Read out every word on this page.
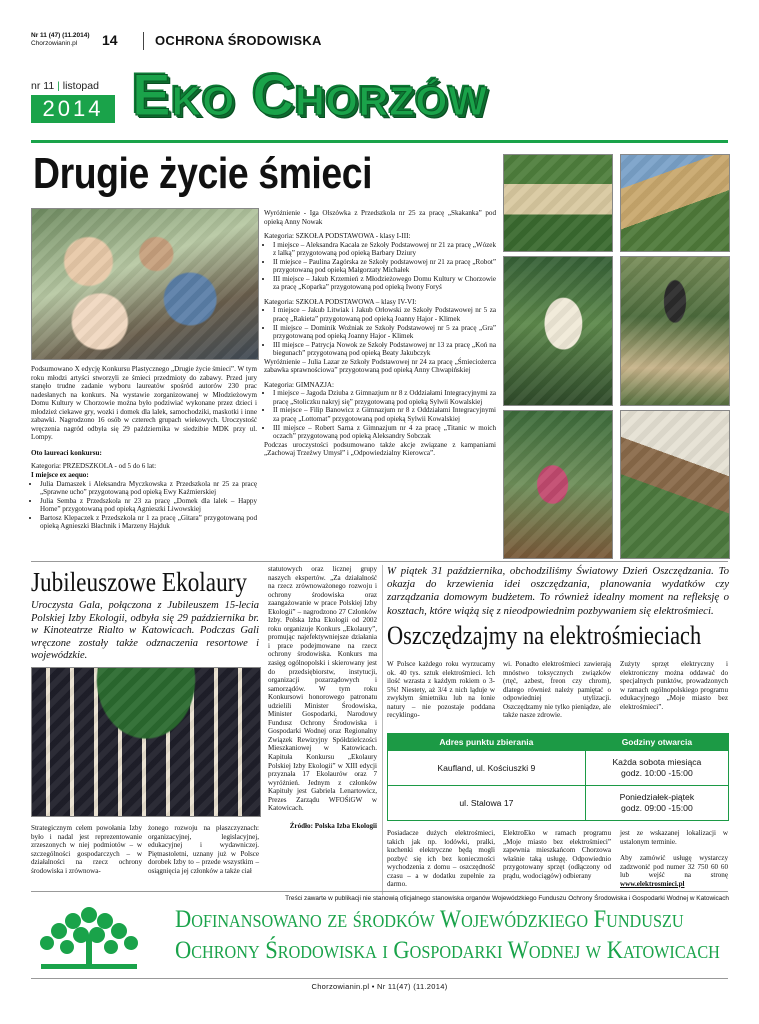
Nr 11 (47) (11.2014)
Chorzowianin.pl 14	OCHRONA ŚRODOWISKA
nr 11 | listopad
2014 Eko Chorzów
Drugie życie śmieci

Podsumowano X edycję Konkursu Plastycznego „Drugie życie śmieci”. W tym roku młodzi artyści stworzyli ze śmieci przedmioty do zabawy. Przed jury stanęło trudne zadanie wyboru laureatów spośród autorów 230 prac nadesłanych na konkurs. Na wystawie zorganizowanej w Młodzieżowym Domu Kultury w Chorzowie można było podziwiać wykonane przez dzieci i młodzież ciekawe gry, wozki i domek dla lalek, samochodziki, maskotki i inne zabawki. Nagrodzono 16 osób w czterech grupach wiekowych. Uroczystość wręczenia nagród odbyła się 29 października w siedzibie MDK przy ul. Lompy.

Oto laureaci konkursu:

Kategoria: PRZEDSZKOLA - od 5 do 6 lat:

I miejsce ex aequo:

• Julia Damaszek i Aleksandra Myczkowska z Przedszkola nr 25 za pracę „Sprawne ucho” przygotowaną pod opieką Ewy Kaźmierskiej
• Julia Semba z Przedszkola nr 23 za pracę „Domek dla lalek – Happy Home” przygotowaną pod opieką Agnieszki Liwowskiej
• Bartosz Klepaczek z Przedszkola nr 1 za pracę „Gitara” przygotowaną pod opieką Agnieszki Błachnik i Marzeny Hajduk

Wyróżnienie - Iga Olszówka z Przedszkola nr 25 za pracę „Skakanka” pod opieką Anny Nowak

Kategoria: SZKOŁA PODSTAWOWA - klasy I-III:

• I miejsce – Aleksandra Kacała ze Szkoły Podstawowej nr 21 za pracę „Wózek z lalką” przygotowaną pod opieką Barbary Dziury
• II miejsce – Paulina Zagórska ze Szkoły podstawowej nr 21 za pracę „Robot” przygotowaną pod opieką Małgorzaty Michałek
• III miejsce – Jakub Krzemień z Młodzieżowego Domu Kultury w Chorzowie za pracę „Koparka” przygotowaną pod opieką Iwony Foryś

Kategoria: SZKOŁA PODSTAWOWA – klasy IV-VI:

• I miejsce – Jakub Litwiak i Jakub Orłowski ze Szkoły Podstawowej nr 5 za pracę „Rakieta” przygotowaną pod opieką Joanny Hajor - Klimek
• II miejsce – Dominik Woźniak ze Szkoły Podstawowej nr 5 za pracę „Gra” przygotowaną pod opieką Joanny Hajor - Klimek
• III miejsce – Patrycja Nowok ze Szkoły Podstawowej nr 13 za pracę „Koń na biegunach” przygotowaną pod opieką Beaty Jakubczyk

Wyróżnienie – Julia Lazar ze Szkoły Podstawowej nr 24 za pracę „Śmieciożerca zabawka sprawnościowa” przygotowaną pod opieką Anny Chwapińskiej

Kategoria: GIMNAZJA:

• I miejsce – Jagoda Dziuba z Gimnazjum nr 8 z Oddziałami Integracyjnymi za pracę „Stoliczku nakryj się” przygotowaną pod opieką Sylwii Kowalskiej
• II miejsce – Filip Banowicz z Gimnazjum nr 8 z Oddziałami Integracyjnymi za pracę „Lottomat” przygotowaną pod opieką Sylwii Kowalskiej
• III miejsce – Robert Sarna z Gimnazjum nr 4 za pracę „Titanic w moich oczach” przygotowaną pod opieką Aleksandry Sobczak

Podczas uroczystości podsumowano także akcje związane z kampaniami „Zachowaj Trzeźwy Umysł” i „Odpowiedzialny Kierowca”.

Jubileuszowe Ekolaury
Uroczysta Gala, połączona z Jubileuszem 15-lecia Polskiej Izby Ekologii, odbyła się 29 października br. w Kinoteatrze Rialto w Katowicach. Podczas Gali wręczone zostały także odznaczenia resortowe i wojewódzkie.
Strategicznym celem powołania Izby było i nadal jest reprezentowanie zrzeszonych w niej podmiotów – w szczególności gospodarczych – w działalności na rzecz ochrony środowiska i zrównowa-
żonego rozwoju na płaszczyznach: organizacyjnej, legislacyjnej, edukacyjnej i wydawniczej. Piętnastoletni, uznany już w Polsce dorobek Izby to – przede wszystkim – osiągnięcia jej członków a także ciał

statutowych oraz licznej grupy naszych ekspertów. „Za działalność na rzecz zrównoważonego rozwoju i ochrony środowiska oraz zaangażowanie w prace Polskiej Izby Ekologii” – nagrodzono 27 Członków Izby. Polska Izba Ekologii od 2002 roku organizuje Konkurs „Ekolaury”, promując najefektywniejsze działania i prace podejmowane na rzecz ochrony środowiska. Konkurs ma zasięg ogólnopolski i skierowany jest do przedsiębiorstw, instytucji, organizacji pozarządowych i samorządów. W tym roku Konkursowi honorowego patronatu udzielili Minister Środowiska, Minister Gospodarki, Narodowy Fundusz Ochrony Środowiska i Gospodarki Wodnej oraz Regionalny Związek Rewizyjny Spółdzielczości Mieszkaniowej w Katowicach. Kapituła Konkursu „Ekolaury Polskiej Izby Ekologii” w XIII edycji przyznała 17 Ekolaurów oraz 7 wyróżnień. Jednym z członków Kapituły jest Gabriela Lenartowicz, Prezes Zarządu WFOŚiGW w Katowicach.

Źródło: Polska Izba Ekologii

W piątek 31 października, obchodziliśmy Światowy Dzień Oszczędzania. To okazja do krzewienia idei oszczędzania, planowania wydatków czy zarządzania domowym budżetem. To również idealny moment na refleksję o kosztach, które wiążą się z nieodpowiednim pozbywaniem się elektrośmieci.
Oszczędzajmy na elektrośmieciach
W Polsce każdego roku wyrzucamy ok. 40 tys. sztuk elektrośmieci. Ich ilość wzrasta z każdym rokiem o 3-5%! Niestety, aż 3/4 z nich ląduje w zwykłym śmietniku lub na łonie natury – nie pozostaje poddana recyklingo-
wi. Ponadto elektrośmieci zawierają mnóstwo toksycznych związków (rtęć, azbest, freon czy chrom), dlatego również należy pamiętać o odpowiedniej utylizacji. Oszczędzamy nie tylko pieniądze, ale także nasze zdrowie.
Zużyty sprzęt elektryczny i elektroniczny można oddawać do specjalnych punktów, prowadzonych w ramach ogólnopolskiego programu edukacyjnego „Moje miasto bez elektrośmieci”.
Adres punktu zbierania	Godziny otwarcia
Kaufland, ul. Kościuszki 9	Każda sobota miesiąca
godz. 10:00 -15:00

ul. Stalowa 17	Poniedziałek-piątek
godz. 09:00 -15:00
Posiadacze dużych elektrośmieci, takich jak np. lodówki, pralki, kuchenki elektryczne będą mogli pozbyć się ich bez konieczności wychodzenia z domu – oszczędność czasu – a w dodatku zupełnie za darmo.
ElektroEko w ramach programu „Moje miasto bez elektrośmieci” zapewnia mieszkańcom Chorzowa właśnie taką usługę. Odpowiednio przygotowany sprzęt (odłączony od prądu, wodociągów) odbierany

jest ze wskazanej lokalizacji w ustalonym terminie.

Aby zamówić usługę wystarczy zadzwonić pod numer 32 750 60 60 lub wejść na stronę www.elektrosmieci.pl

Treści zawarte w publikacji nie stanowią oficjalnego stanowiska organów Wojewódzkiego Funduszu Ochrony Środowiska i Gospodarki Wodnej w Katowicach
Dofinansowano ze środków Wojewódzkiego Funduszu
Ochrony Środowiska i Gospodarki Wodnej w Katowicach
Chorzowianin.pl • Nr 11(47) (11.2014)
